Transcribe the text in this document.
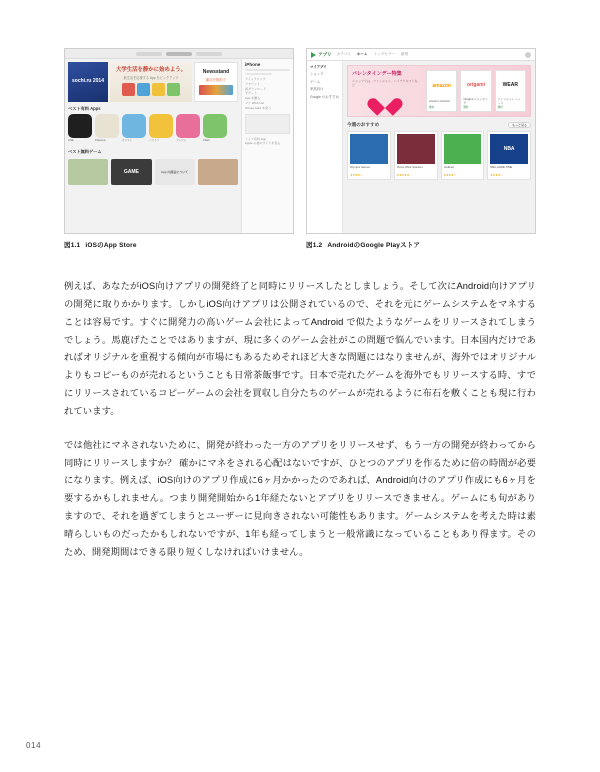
sochi.ru 2014
大学生活を静かに始めよう。
新生活を応援する App をピックアップ
Newsstand
雑誌を無料で
ベスト有料 Apps
LINE	Pokémon	モンスト	パズドラ	ツムツム	Clash
ベスト無料ゲーム
GAME	App 内課金について
iPhone
クイックリンク
アカウント
再ダウンロード
サポート
App を贈る
マイ Wish List
iTunes Card を使う
トップ有料 App
Apple の他のサイトを見る
図1.1 iOSのApp Store
アプリ カテゴリ ホーム トップセラー 新着
マイアプリ
ショップ
ゲーム
家族向け
Google のおすすめ
バレンタインデー特集
ショップでは、ファッション、ハイテクギフトなど	amazon
Amazon Android
無料
origami
Origami ショッピング
無料
WEAR
ファッション ニュース
無料
もっと見る
今週のおすすめ
Olympic Games
★★★★☆
Vivino Wine Scanner
★★★★★
Redknot
★★★★☆
NBA
NBA GAME TIME
★★★★☆
図1.2 AndroidのGoogle Playストア

例えば、あなたがiOS向けアプリの開発終了と同時にリリースしたとしましょう。そして次にAndroid向けアプリの開発に取りかかります。しかしiOS向けアプリは公開されているので、それを元にゲームシステムをマネすることは容易です。すぐに開発力の高いゲーム会社によってAndroid で似たようなゲームをリリースされてしまうでしょう。馬鹿げたことではありますが、現に多くのゲーム会社がこの問題で悩んでいます。日本国内だけであればオリジナルを重視する傾向が市場にもあるためそれほど大きな問題にはなりませんが、海外ではオリジナルよりもコピーものが売れるということも日常茶飯事です。日本で売れたゲームを海外でもリリースする時、すでにリリースされているコピーゲームの会社を買収し自分たちのゲームが売れるように布石を敷くことも現に行われています。

では他社にマネされないために、開発が終わった一方のアプリをリリースせず、もう一方の開発が終わってから同時にリリースしますか？ 確かにマネをされる心配はないですが、ひとつのアプリを作るために倍の時間が必要になります。例えば、iOS向けのアプリ作成に6ヶ月かかったのであれば、Android向けのアプリ作成にも6ヶ月を要するかもしれません。つまり開発開始から1年経たないとアプリをリリースできません。ゲームにも旬がありますので、それを過ぎてしまうとユーザーに見向きされない可能性もあります。ゲームシステムを考えた時は素晴らしいものだったかもしれないですが、1年も経ってしまうと一般常識になっていることもあり得ます。そのため、開発期間はできる限り短くしなければいけません。

014
